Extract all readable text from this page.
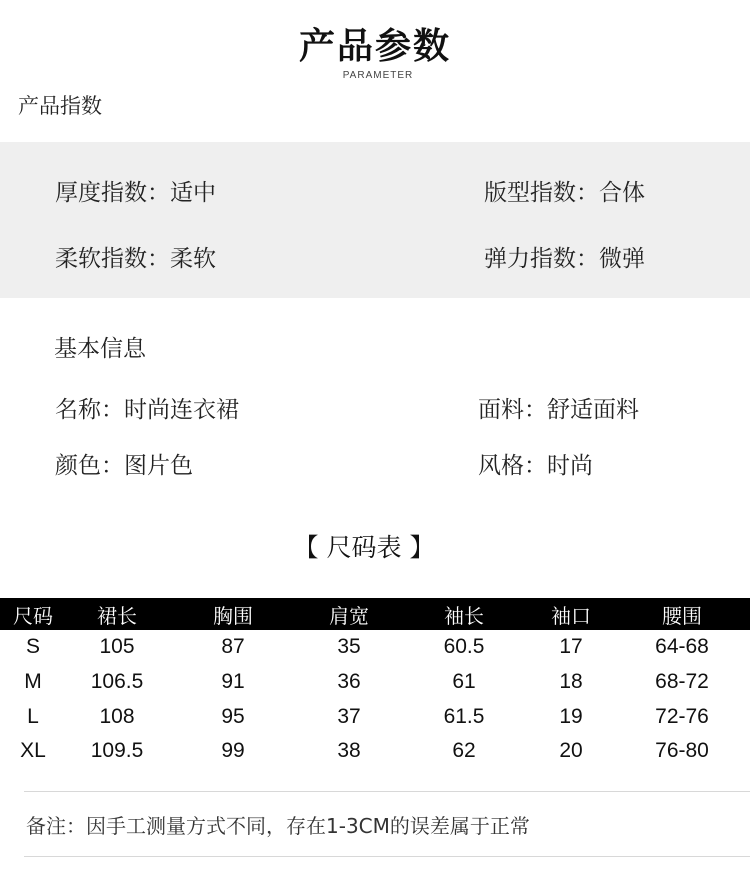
产品参数
PARAMETER
产品指数
厚度指数：适中	版型指数：合体
柔软指数：柔软	弹力指数：微弹
基本信息
名称：时尚连衣裙	面料：舒适面料
颜色：图片色	风格：时尚
【 尺码表 】
尺码	裙长	胸围	肩宽	袖长	袖口	腰围
S	105	87	35	60.5	17	64-68
M	106.5	91	36	61	18	68-72
L	108	95	37	61.5	19	72-76
XL	109.5	99	38	62	20	76-80
备注：因手工测量方式不同，存在1-3CM的误差属于正常
